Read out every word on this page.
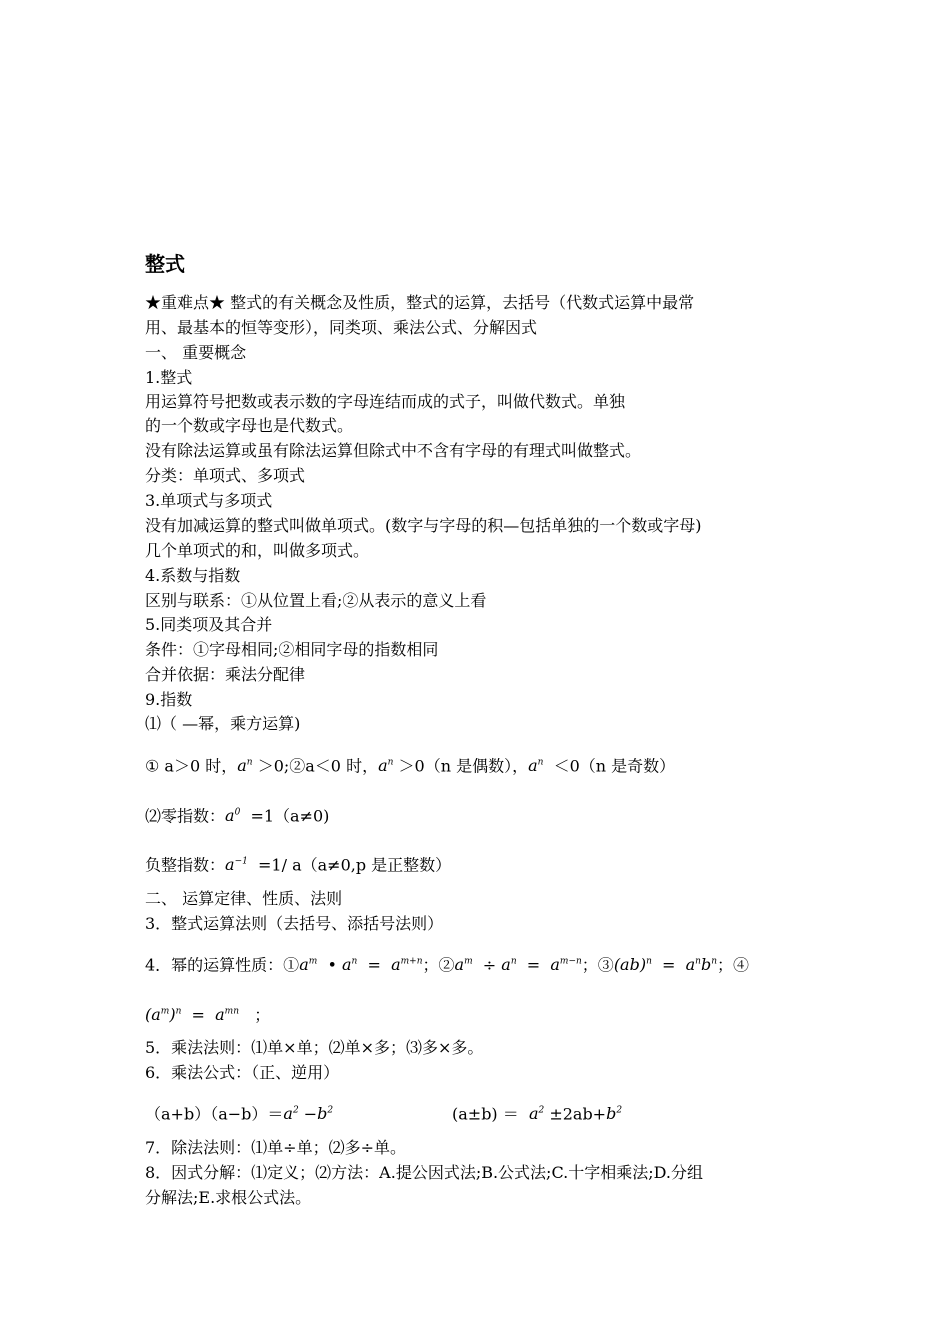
整式
★重难点★ 整式的有关概念及性质，整式的运算，去括号（代数式运算中最常
用、最基本的恒等变形），同类项、乘法公式、分解因式
一、 重要概念
1.整式
用运算符号把数或表示数的字母连结而成的式子，叫做代数式。单独
的一个数或字母也是代数式。
没有除法运算或虽有除法运算但除式中不含有字母的有理式叫做整式。
分类：单项式、多项式
3.单项式与多项式
没有加减运算的整式叫做单项式。(数字与字母的积—包括单独的一个数或字母)
几个单项式的和，叫做多项式。
4.系数与指数
区别与联系：①从位置上看;②从表示的意义上看
5.同类项及其合并
条件：①字母相同;②相同字母的指数相同
合并依据：乘法分配律
9.指数
⑴（ —幂，乘方运算)
① a＞0 时，$a^n$ ＞0;②a＜0 时，$a^n >0(n$ 是偶数），$a^n <0(n$ 是奇数）
⑵零指数：$a^0 =1(a\ne 0)$
负整指数：$a^{-1} =1/$ a（a≠0,p 是正整数）
二、 运算定律、性质、法则
3．整式运算法则（去括号、添括号法则）
4．幂的运算性质：$①a^m$  • $a^n = a^{m+n}$；$②a^m \div a^n = a^{m-n}$；③(ab)$^n$  =  $a^nb^n$；④
$(a^m)^n = a^{mn}$ ；
5．乘法法则：⑴单×单；⑵单×多；⑶多×多。
6．乘法公式：（正、逆用）
$(a+b)(a-b)=a^2 -b^2$	$(a\pm b) = a^2 \pm 2ab+b^2$
7．除法法则：⑴单÷单；⑵多÷单。
8．因式分解：⑴定义；⑵方法：A.提公因式法;B.公式法;C.十字相乘法;D.分组
分解法;E.求根公式法。
